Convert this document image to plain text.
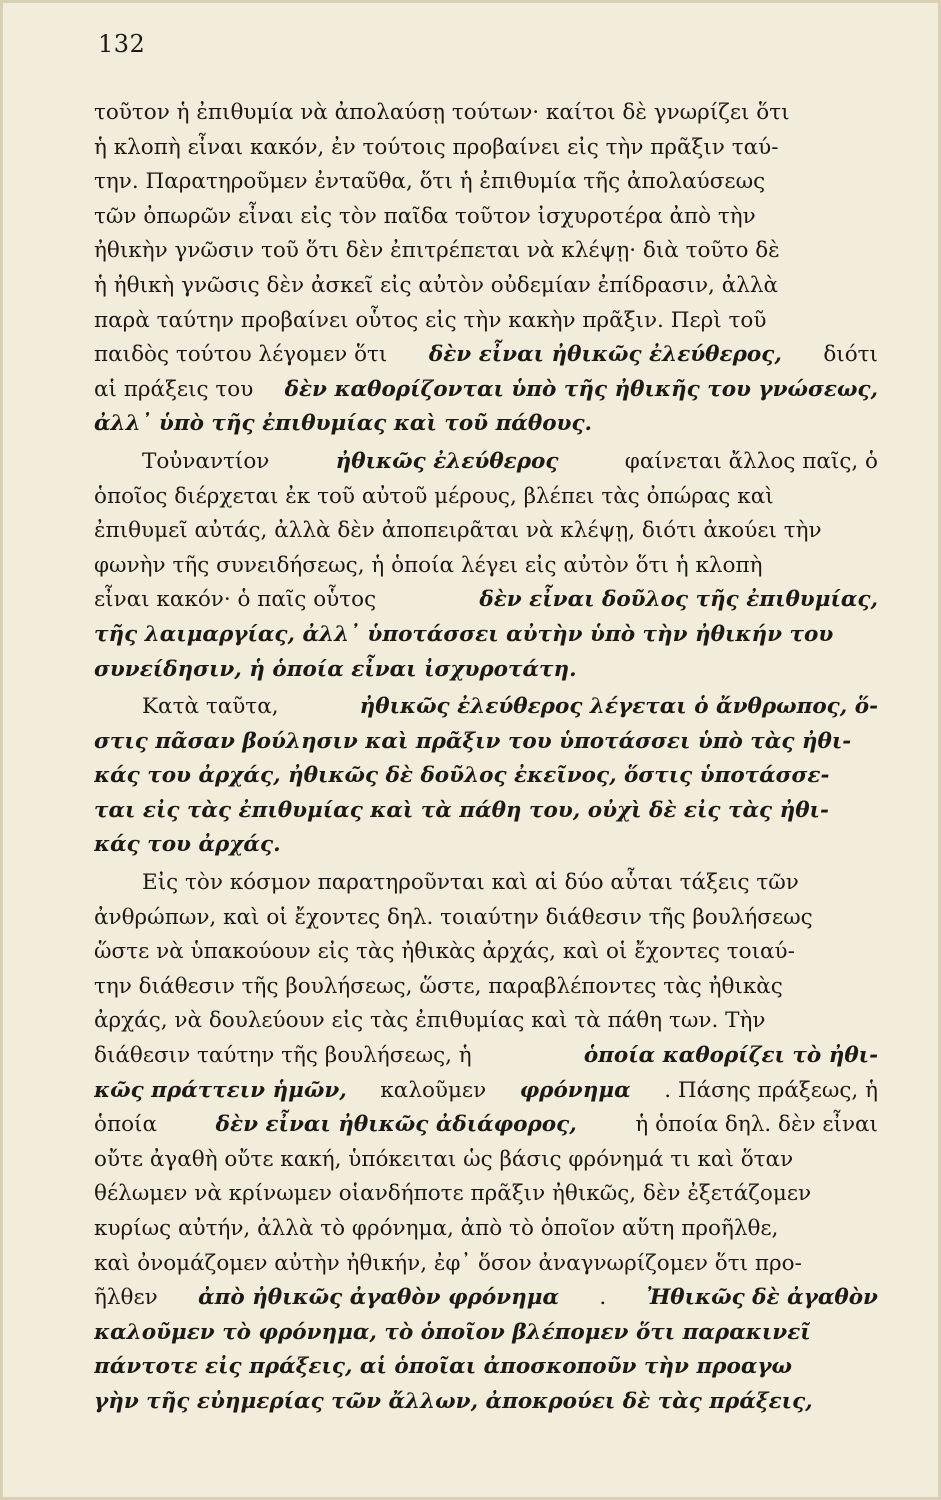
132
τοῦτον ἡ ἐπιθυμία νὰ ἀπολαύσῃ τούτων· καίτοι δὲ γνωρίζει ὅτι
ἡ κλοπὴ εἶναι κακόν, ἐν τούτοις προβαίνει εἰς τὴν πρᾶξιν ταύ-
την. Παρατηροῦμεν ἐνταῦθα, ὅτι ἡ ἐπιθυμία τῆς ἀπολαύσεως
τῶν ὀπωρῶν εἶναι εἰς τὸν παῖδα τοῦτον ἰσχυροτέρα ἀπὸ τὴν
ἠθικὴν γνῶσιν τοῦ ὅτι δὲν ἐπιτρέπεται νὰ κλέψῃ· διὰ τοῦτο δὲ
ἡ ἠθικὴ γνῶσις δὲν ἀσκεῖ εἰς αὐτὸν οὐδεμίαν ἐπίδρασιν, ἀλλὰ
παρὰ ταύτην προβαίνει οὗτος εἰς τὴν κακὴν πρᾶξιν. Περὶ τοῦ
παιδὸς τούτου λέγομεν ὅτι δὲν εἶναι ἠθικῶς ἐλεύθερος, διότι
αἱ πράξεις του δὲν καθορίζονται ὑπὸ τῆς ἠθικῆς του γνώσεως,
ἀλλ᾽ ὑπὸ τῆς ἐπιθυμίας καὶ τοῦ πάθους.
Τοὐναντίον	ἠθικῶς ἐλεύθερος	φαίνεται ἄλλος παῖς, ὁ
ὁποῖος διέρχεται ἐκ τοῦ αὐτοῦ μέρους, βλέπει τὰς ὀπώρας καὶ
ἐπιθυμεῖ αὐτάς, ἀλλὰ δὲν ἀποπειρᾶται νὰ κλέψῃ, διότι ἀκούει τὴν
φωνὴν τῆς συνειδήσεως, ἡ ὁποία λέγει εἰς αὐτὸν ὅτι ἡ κλοπὴ
εἶναι κακόν· ὁ παῖς οὗτος	δὲν εἶναι δοῦλος τῆς ἐπιθυμίας,
τῆς λαιμαργίας, ἀλλ᾽ ὑποτάσσει αὐτὴν ὑπὸ τὴν ἠθικήν του
συνείδησιν, ἡ ὁποία εἶναι ἰσχυροτάτη.
Κατὰ ταῦτα,	ἠθικῶς ἐλεύθερος λέγεται ὁ ἄνθρωπος, ὅ-
στις πᾶσαν βούλησιν καὶ πρᾶξιν του ὑποτάσσει ὑπὸ τὰς ἠθι-
κάς του ἀρχάς, ἠθικῶς δὲ δοῦλος ἐκεῖνος, ὅστις ὑποτάσσε-
ται εἰς τὰς ἐπιθυμίας καὶ τὰ πάθη του, οὐχὶ δὲ εἰς τὰς ἠθι-
κάς του ἀρχάς.
Εἰς τὸν κόσμον παρατηροῦνται καὶ αἱ δύο αὗται τάξεις τῶν
ἀνθρώπων, καὶ οἱ ἔχοντες δηλ. τοιαύτην διάθεσιν τῆς βουλήσεως
ὥστε νὰ ὑπακούουν εἰς τὰς ἠθικὰς ἀρχάς, καὶ οἱ ἔχοντες τοιαύ-
την διάθεσιν τῆς βουλήσεως, ὥστε, παραβλέποντες τὰς ἠθικὰς
ἀρχάς, νὰ δουλεύουν εἰς τὰς ἐπιθυμίας καὶ τὰ πάθη των. Τὴν
διάθεσιν ταύτην τῆς βουλήσεως, ἡ	ὁποία καθορίζει τὸ ἠθι-
κῶς πράττειν ἡμῶν, καλοῦμεν φρόνημα . Πάσης πράξεως, ἡ
ὁποία	δὲν εἶναι ἠθικῶς ἀδιάφορος,	ἡ ὁποία δηλ. δὲν εἶναι
οὔτε ἀγαθὴ οὔτε κακή, ὑπόκειται ὡς βάσις φρόνημά τι καὶ ὅταν
θέλωμεν νὰ κρίνωμεν οἱανδήποτε πρᾶξιν ἠθικῶς, δὲν ἐξετάζομεν
κυρίως αὐτήν, ἀλλὰ τὸ φρόνημα, ἀπὸ τὸ ὁποῖον αὕτη προῆλθε,
καὶ ὀνομάζομεν αὐτὴν ἠθικήν, ἐφ᾽ ὅσον ἀναγνωρίζομεν ὅτι προ-
ῆλθεν ἀπὸ ἠθικῶς ἀγαθὸν φρόνημα . Ἠθικῶς δὲ ἀγαθὸν
καλοῦμεν τὸ φρόνημα, τὸ ὁποῖον βλέπομεν ὅτι παρακινεῖ
πάντοτε εἰς πράξεις, αἱ ὁποῖαι ἀποσκοποῦν τὴν προαγω
γὴν τῆς εὐημερίας τῶν ἄλλων, ἀποκρούει δὲ τὰς πράξεις,
